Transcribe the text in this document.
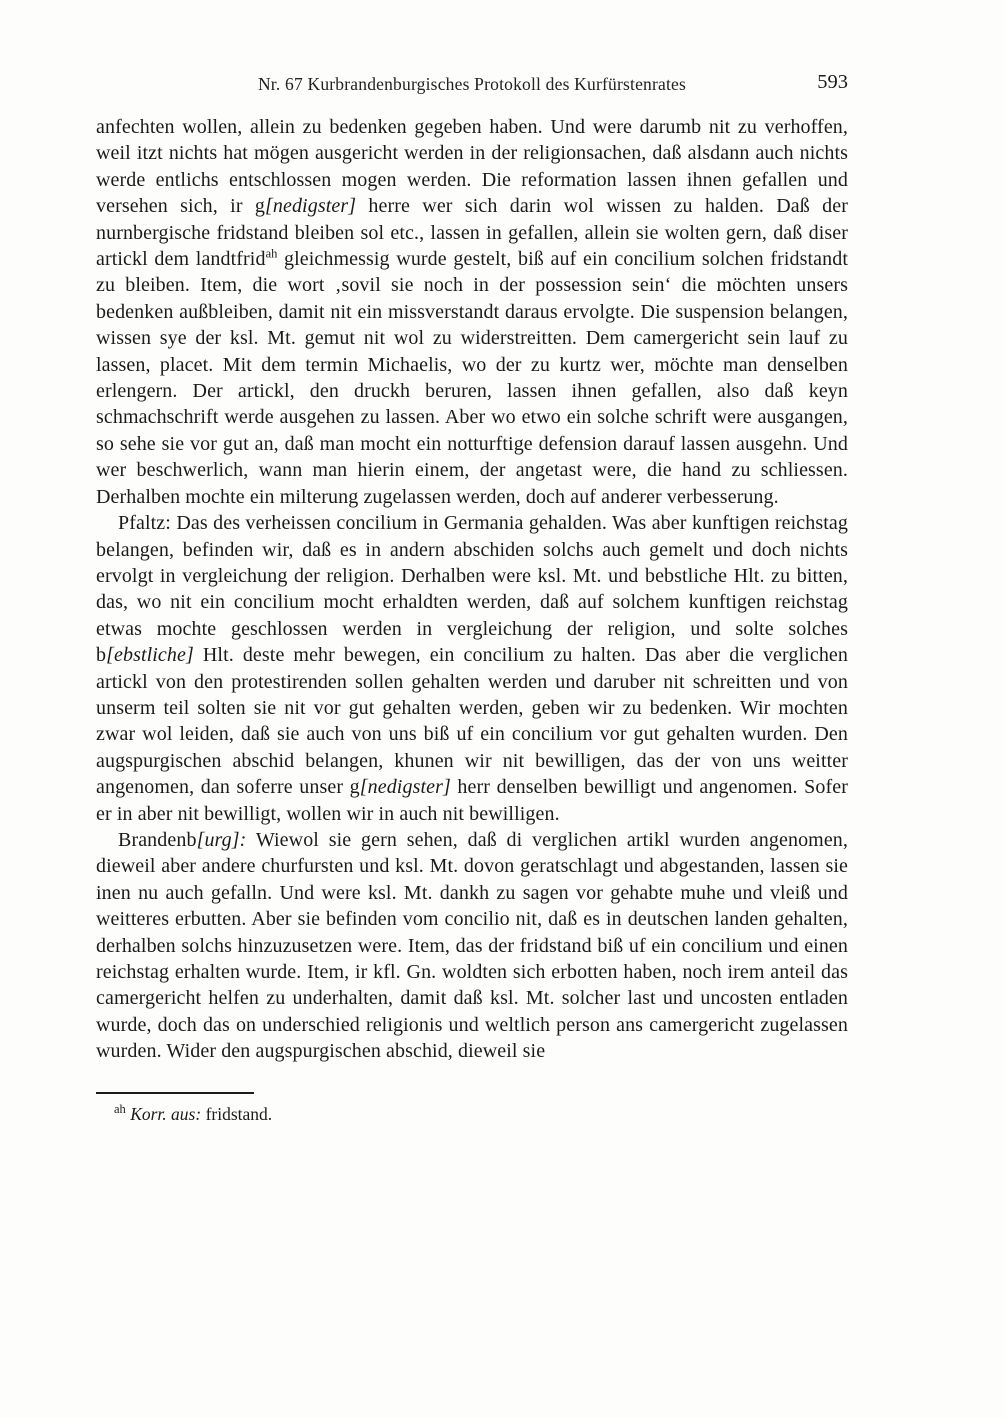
Nr. 67 Kurbrandenburgisches Protokoll des Kurfürstenrates	593

anfechten wollen, allein zu bedenken gegeben haben. Und were darumb nit zu verhoffen, weil itzt nichts hat mögen ausgericht werden in der religionsachen, daß alsdann auch nichts werde entlichs entschlossen mogen werden. Die reformation lassen ihnen gefallen und versehen sich, ir g[nedigster] herre wer sich darin wol wissen zu halden. Daß der nurnbergische fridstand bleiben sol etc., lassen in gefallen, allein sie wolten gern, daß diser artickl dem landtfrid$^{ah}$ gleichmessig wurde gestelt, biß auf ein concilium solchen fridstandt zu bleiben. Item, die wort ‚sovil sie noch in der possession sein‘ die möchten unsers bedenken außbleiben, damit nit ein missverstandt daraus ervolgte. Die suspension belangen, wissen sye der ksl. Mt. gemut nit wol zu widerstreitten. Dem camergericht sein lauf zu lassen, placet. Mit dem termin Michaelis, wo der zu kurtz wer, möchte man denselben erlengern. Der artickl, den druckh beruren, lassen ihnen gefallen, also daß keyn schmachschrift werde ausgehen zu lassen. Aber wo etwo ein solche schrift were ausgangen, so sehe sie vor gut an, daß man mocht ein notturftige defension darauf lassen ausgehn. Und wer beschwerlich, wann man hierin einem, der angetast were, die hand zu schliessen. Derhalben mochte ein milterung zugelassen werden, doch auf anderer verbesserung.

Pfaltz: Das des verheissen concilium in Germania gehalden. Was aber kunftigen reichstag belangen, befinden wir, daß es in andern abschiden solchs auch gemelt und doch nichts ervolgt in vergleichung der religion. Derhalben were ksl. Mt. und bebstliche Hlt. zu bitten, das, wo nit ein concilium mocht erhaldten werden, daß auf solchem kunftigen reichstag etwas mochte geschlossen werden in vergleichung der religion, und solte solches b[ebstliche] Hlt. deste mehr bewegen, ein concilium zu halten. Das aber die verglichen artickl von den protestirenden sollen gehalten werden und daruber nit schreitten und von unserm teil solten sie nit vor gut gehalten werden, geben wir zu bedenken. Wir mochten zwar wol leiden, daß sie auch von uns biß uf ein concilium vor gut gehalten wurden. Den augspurgischen abschid belangen, khunen wir nit bewilligen, das der von uns weitter angenomen, dan soferre unser g[nedigster] herr denselben bewilligt und angenomen. Sofer er in aber nit bewilligt, wollen wir in auch nit bewilligen.

Brandenb[urg]: Wiewol sie gern sehen, daß di verglichen artikl wurden angenomen, dieweil aber andere churfursten und ksl. Mt. dovon geratschlagt und abgestanden, lassen sie inen nu auch gefalln. Und were ksl. Mt. dankh zu sagen vor gehabte muhe und vleiß und weitteres erbutten. Aber sie befinden vom concilio nit, daß es in deutschen landen gehalten, derhalben solchs hinzuzusetzen were. Item, das der fridstand biß uf ein concilium und einen reichstag erhalten wurde. Item, ir kfl. Gn. woldten sich erbotten haben, noch irem anteil das camergericht helfen zu underhalten, damit daß ksl. Mt. solcher last und uncosten entladen wurde, doch das on underschied religionis und weltlich person ans camergericht zugelassen wurden. Wider den augspurgischen abschid, dieweil sie

$^{ah}$ Korr. aus: fridstand.
